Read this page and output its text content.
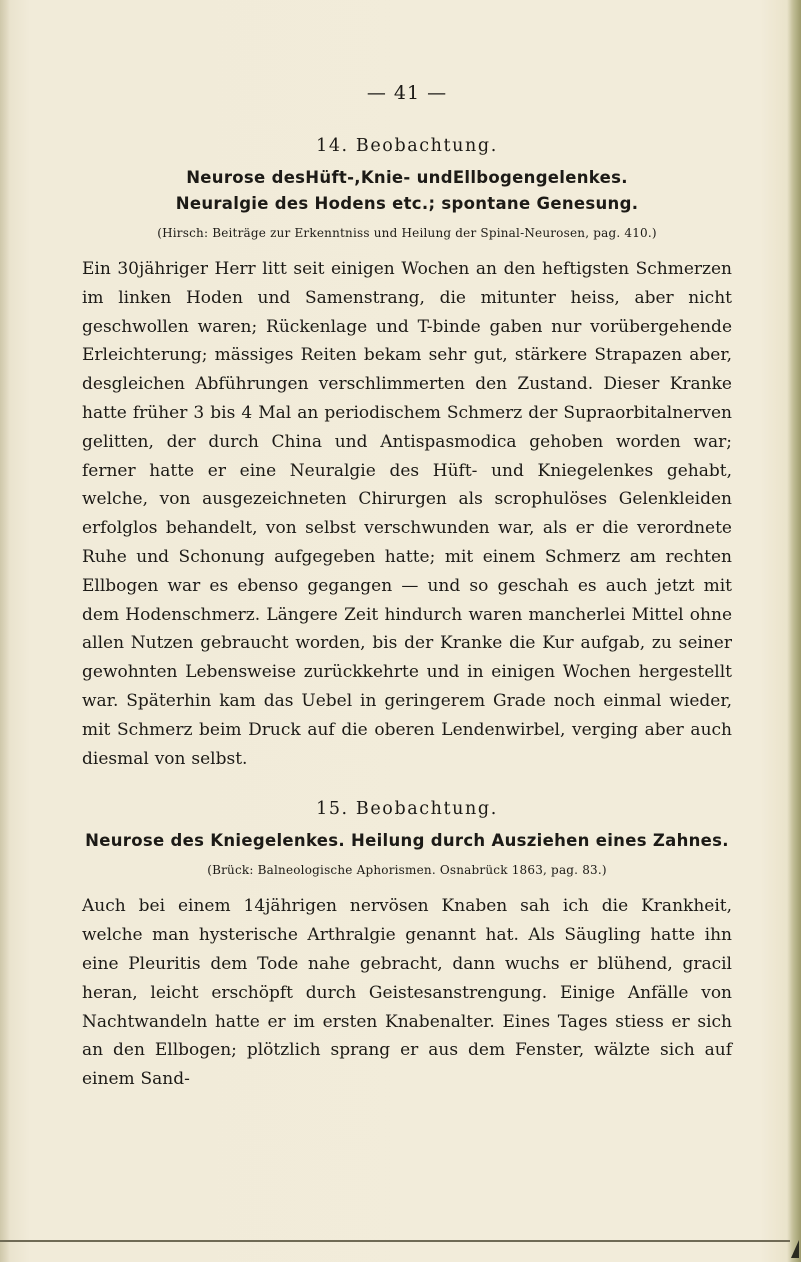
— 41 —
14. Beobachtung.

Neurose desHüft-,Knie- undEllbogengelenkes.

Neuralgie des Hodens etc.; spontane Genesung.

(Hirsch: Beiträge zur Erkenntniss und Heilung der Spinal-Neurosen, pag. 410.)

Ein 30jähriger Herr litt seit einigen Wochen an den heftigsten Schmerzen im linken Hoden und Samenstrang, die mitunter heiss, aber nicht geschwollen waren; Rückenlage und T-binde gaben nur vorübergehende Erleichterung; mässiges Reiten bekam sehr gut, stärkere Strapazen aber, desgleichen Abführungen verschlimmerten den Zustand. Dieser Kranke hatte früher 3 bis 4 Mal an periodischem Schmerz der Supraorbitalnerven gelitten, der durch China und Antispasmodica gehoben worden war; ferner hatte er eine Neuralgie des Hüft- und Kniegelenkes gehabt, welche, von ausgezeichneten Chirurgen als scrophulöses Gelenkleiden erfolglos behandelt, von selbst verschwunden war, als er die verordnete Ruhe und Schonung aufgegeben hatte; mit einem Schmerz am rechten Ellbogen war es ebenso gegangen — und so geschah es auch jetzt mit dem Hodenschmerz. Längere Zeit hindurch waren mancherlei Mittel ohne allen Nutzen gebraucht worden, bis der Kranke die Kur aufgab, zu seiner gewohnten Lebensweise zurückkehrte und in einigen Wochen hergestellt war. Späterhin kam das Uebel in geringerem Grade noch einmal wieder, mit Schmerz beim Druck auf die oberen Lendenwirbel, verging aber auch diesmal von selbst.

15. Beobachtung.

Neurose des Kniegelenkes. Heilung durch Ausziehen eines Zahnes.

(Brück: Balneologische Aphorismen. Osnabrück 1863, pag. 83.)

Auch bei einem 14jährigen nervösen Knaben sah ich die Krankheit, welche man hysterische Arthralgie genannt hat. Als Säugling hatte ihn eine Pleuritis dem Tode nahe gebracht, dann wuchs er blühend, gracil heran, leicht erschöpft durch Geistesanstrengung. Einige Anfälle von Nachtwandeln hatte er im ersten Knabenalter. Eines Tages stiess er sich an den Ellbogen; plötzlich sprang er aus dem Fenster, wälzte sich auf einem Sand-
